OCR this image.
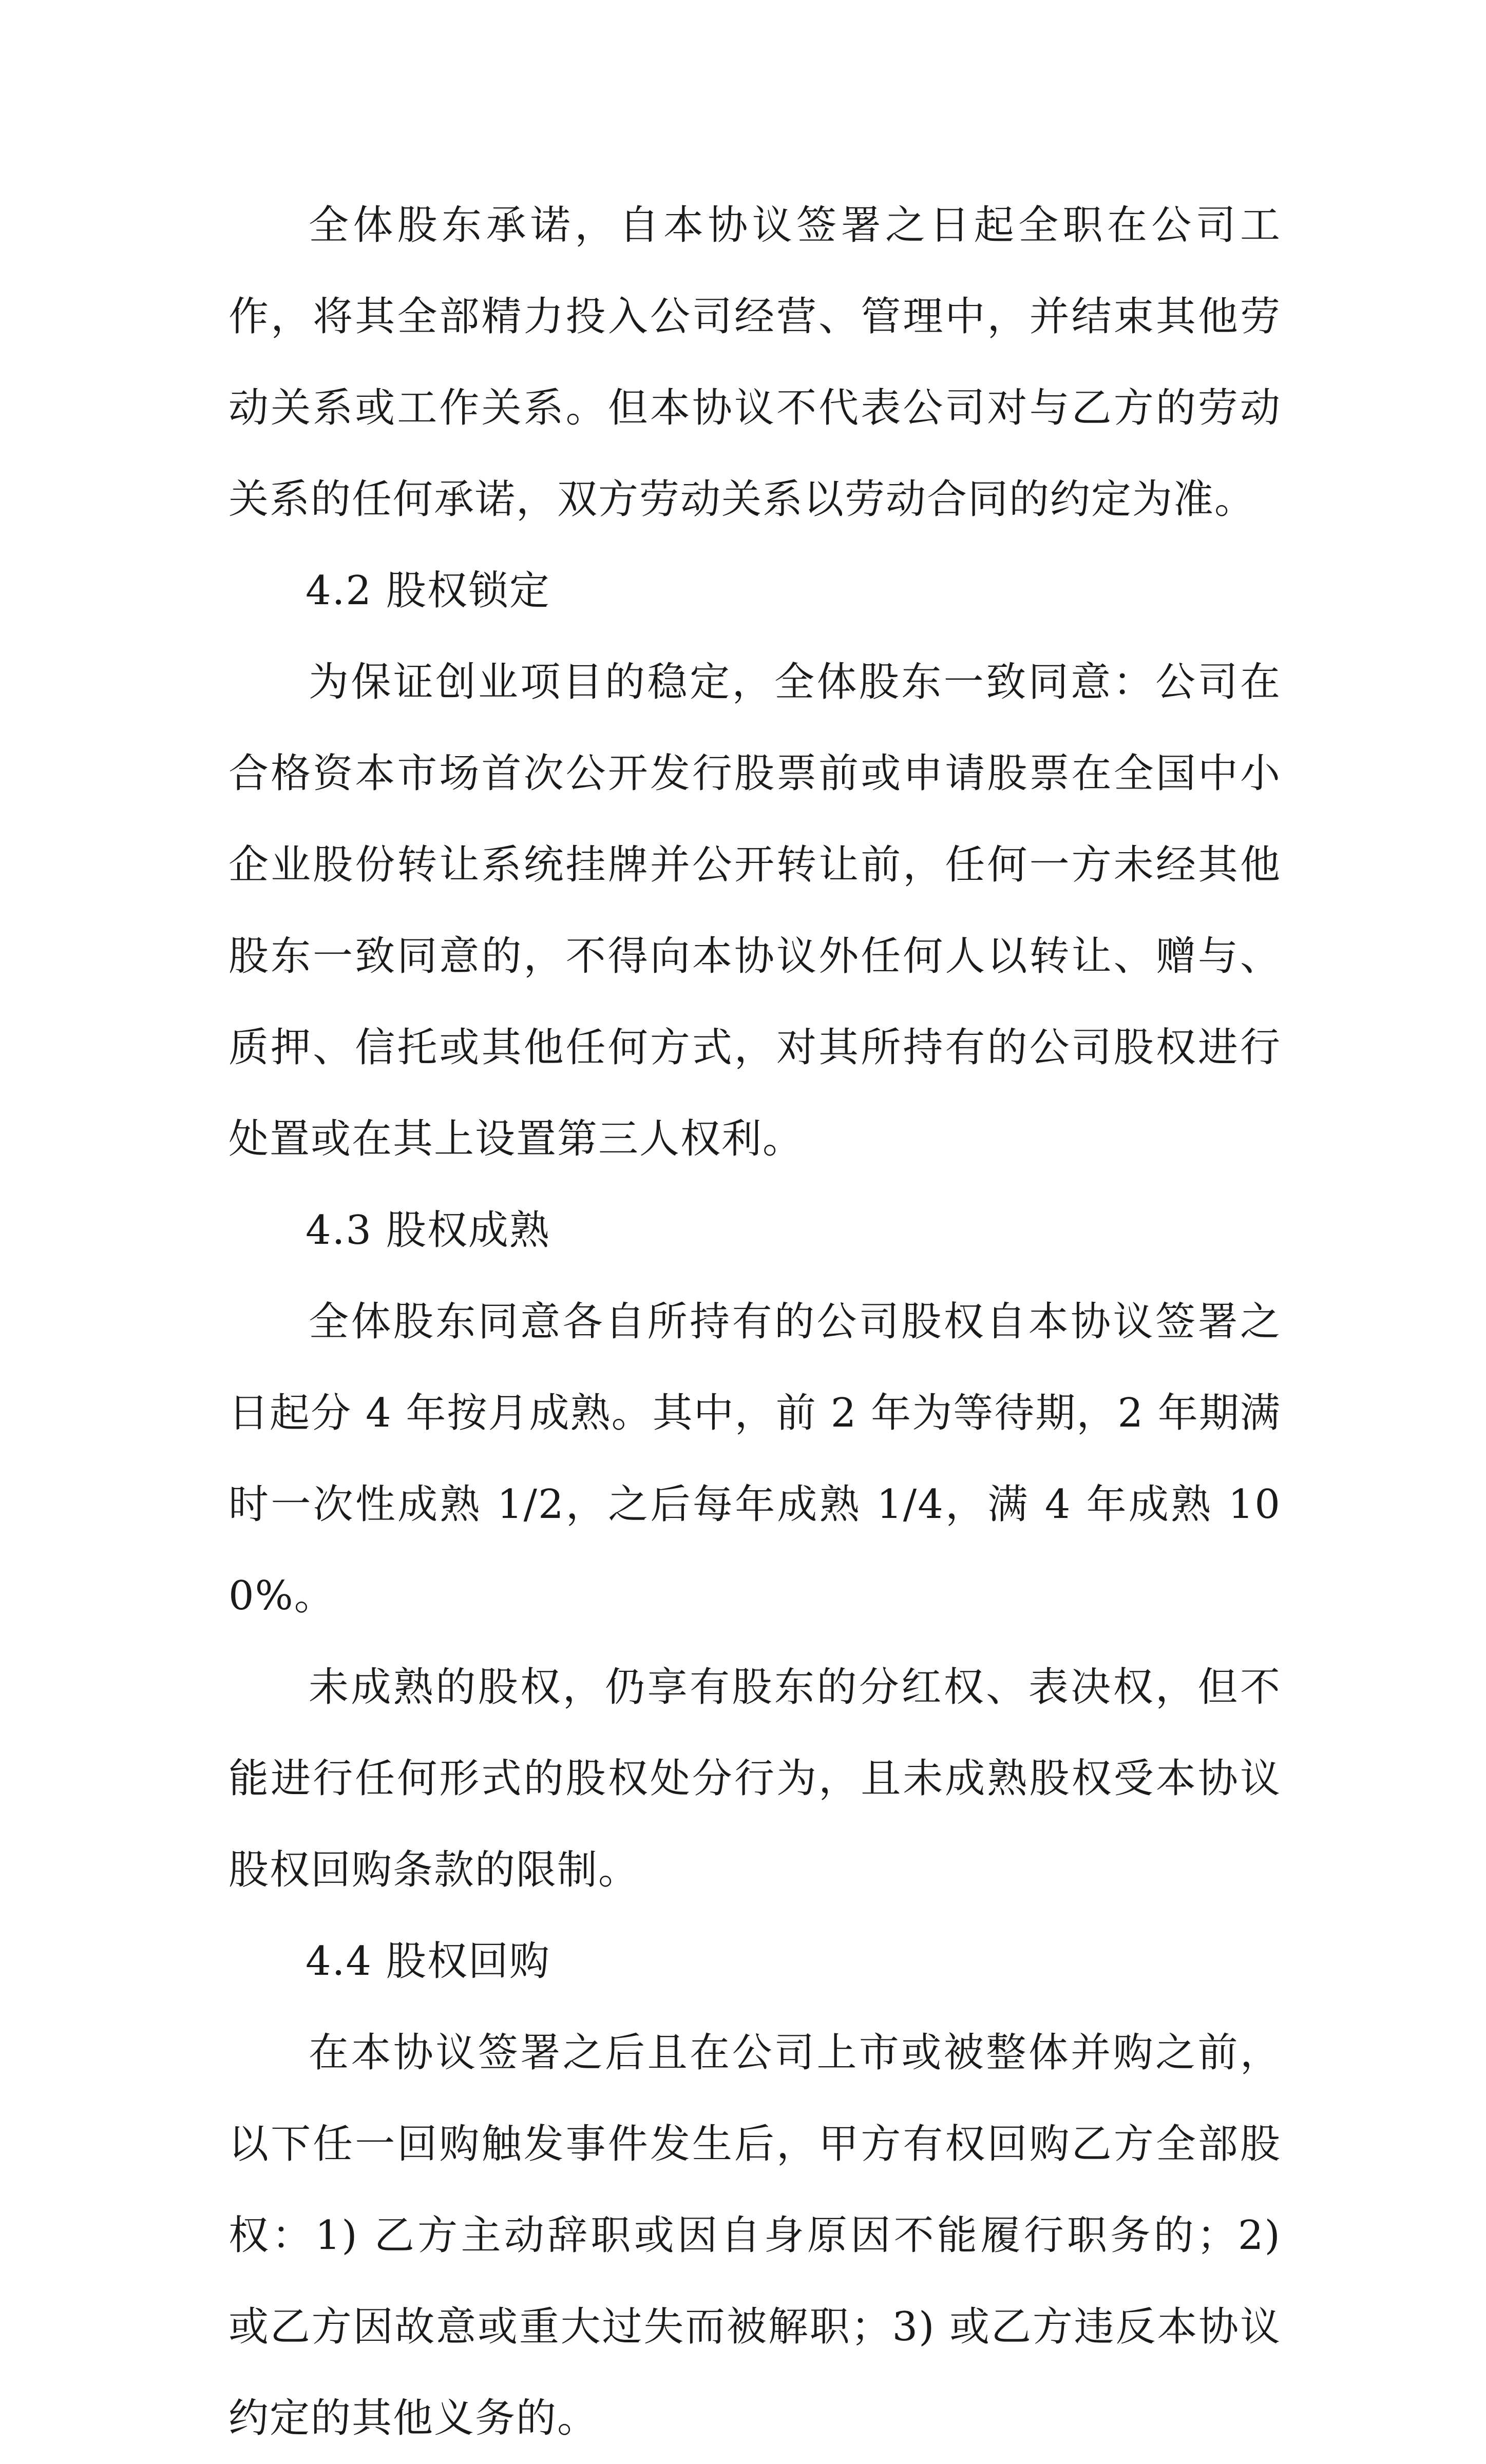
全体股东承诺，自本协议签署之日起全职在公司工作，将其全部精力投入公司经营、管理中，并结束其他劳动关系或工作关系。但本协议不代表公司对与乙方的劳动关系的任何承诺，双方劳动关系以劳动合同的约定为准。

4.2 股权锁定

为保证创业项目的稳定，全体股东一致同意：公司在合格资本市场首次公开发行股票前或申请股票在全国中小企业股份转让系统挂牌并公开转让前，任何一方未经其他股东一致同意的，不得向本协议外任何人以转让、赠与、质押、信托或其他任何方式，对其所持有的公司股权进行处置或在其上设置第三人权利。

4.3 股权成熟

全体股东同意各自所持有的公司股权自本协议签署之日起分 4 年按月成熟。其中，前 2 年为等待期，2 年期满时一次性成熟 1/2，之后每年成熟 1/4，满 4 年成熟 100%。

未成熟的股权，仍享有股东的分红权、表决权，但不能进行任何形式的股权处分行为，且未成熟股权受本协议股权回购条款的限制。

4.4 股权回购

在本协议签署之后且在公司上市或被整体并购之前，以下任一回购触发事件发生后，甲方有权回购乙方全部股权：1) 乙方主动辞职或因自身原因不能履行职务的；2) 或乙方因故意或重大过失而被解职；3) 或乙方违反本协议约定的其他义务的。
